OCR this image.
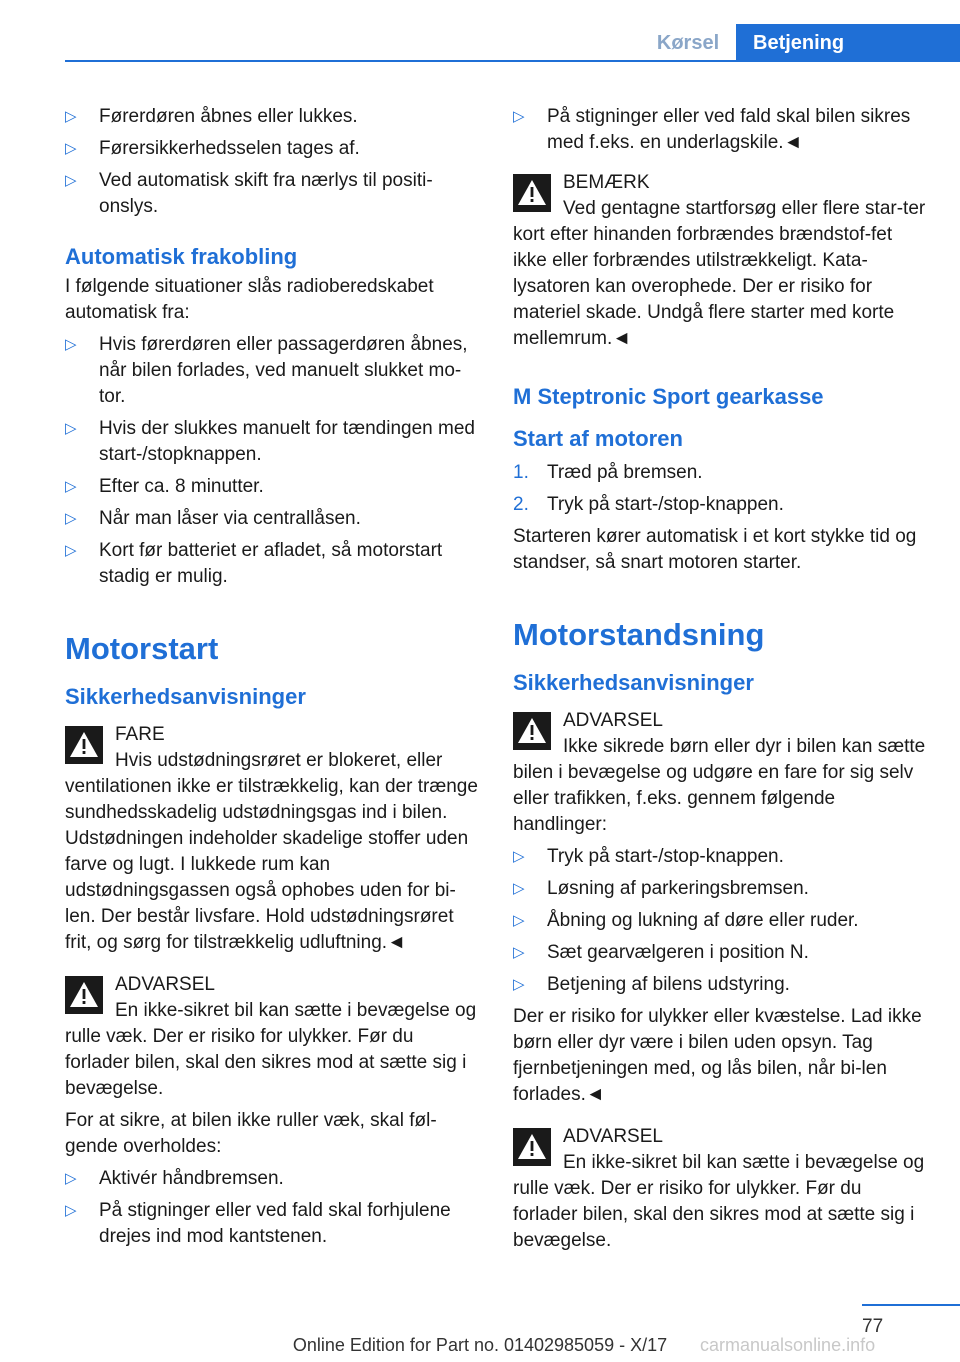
Kørsel	Betjening
▷ Førerdøren åbnes eller lukkes.
▷ Førersikkerhedsselen tages af.
▷ Ved automatisk skift fra nærlys til positi-onslys.
Automatisk frakobling

I følgende situationer slås radioberedskabet automatisk fra:

▷ Hvis førerdøren eller passagerdøren åbnes, når bilen forlades, ved manuelt slukket mo-tor.
▷ Hvis der slukkes manuelt for tændingen med start-/stopknappen.
▷ Efter ca. 8 minutter.
▷ Når man låser via centrallåsen.
▷ Kort før batteriet er afladet, så motorstart stadig er mulig.
Motorstart
Sikkerhedsanvisninger
FARE
Hvis udstødningsrøret er blokeret, eller ventilationen ikke er tilstrækkelig, kan der trænge sundhedsskadelig udstødningsgas ind i bilen. Udstødningen indeholder skadelige stoffer uden farve og lugt. I lukkede rum kan udstødningsgassen også ophobes uden for bi-len. Der består livsfare. Hold udstødningsrøret frit, og sørg for tilstrækkelig udluftning.◄
ADVARSEL
En ikke-sikret bil kan sætte i bevægelse og rulle væk. Der er risiko for ulykker. Før du forlader bilen, skal den sikres mod at sætte sig i bevægelse.

For at sikre, at bilen ikke ruller væk, skal føl-gende overholdes:

▷ Aktivér håndbremsen.
▷ På stigninger eller ved fald skal forhjulene drejes ind mod kantstenen.
▷ På stigninger eller ved fald skal bilen sikres med f.eks. en underlagskile.◄
BEMÆRK
Ved gentagne startforsøg eller flere star-ter kort efter hinanden forbrændes brændstof-fet ikke eller forbrændes utilstrækkeligt. Kata-lysatoren kan overophede. Der er risiko for materiel skade. Undgå flere starter med korte mellemrum.◄
M Steptronic Sport gearkasse
Start af motoren
1. Træd på bremsen.
2. Tryk på start-/stop-knappen.

Starteren kører automatisk i et kort stykke tid og standser, så snart motoren starter.

Motorstandsning
Sikkerhedsanvisninger
ADVARSEL
Ikke sikrede børn eller dyr i bilen kan sætte bilen i bevægelse og udgøre en fare for sig selv eller trafikken, f.eks. gennem følgende handlinger:
▷ Tryk på start-/stop-knappen.
▷ Løsning af parkeringsbremsen.
▷ Åbning og lukning af døre eller ruder.
▷ Sæt gearvælgeren i position N.
▷ Betjening af bilens udstyring.

Der er risiko for ulykker eller kvæstelse. Lad ikke børn eller dyr være i bilen uden opsyn. Tag fjernbetjeningen med, og lås bilen, når bi-len forlades.◄

ADVARSEL
En ikke-sikret bil kan sætte i bevægelse og rulle væk. Der er risiko for ulykker. Før du forlader bilen, skal den sikres mod at sætte sig i bevægelse.
77
carmanualsonline.info
Online Edition for Part no. 01402985059 - X/17
